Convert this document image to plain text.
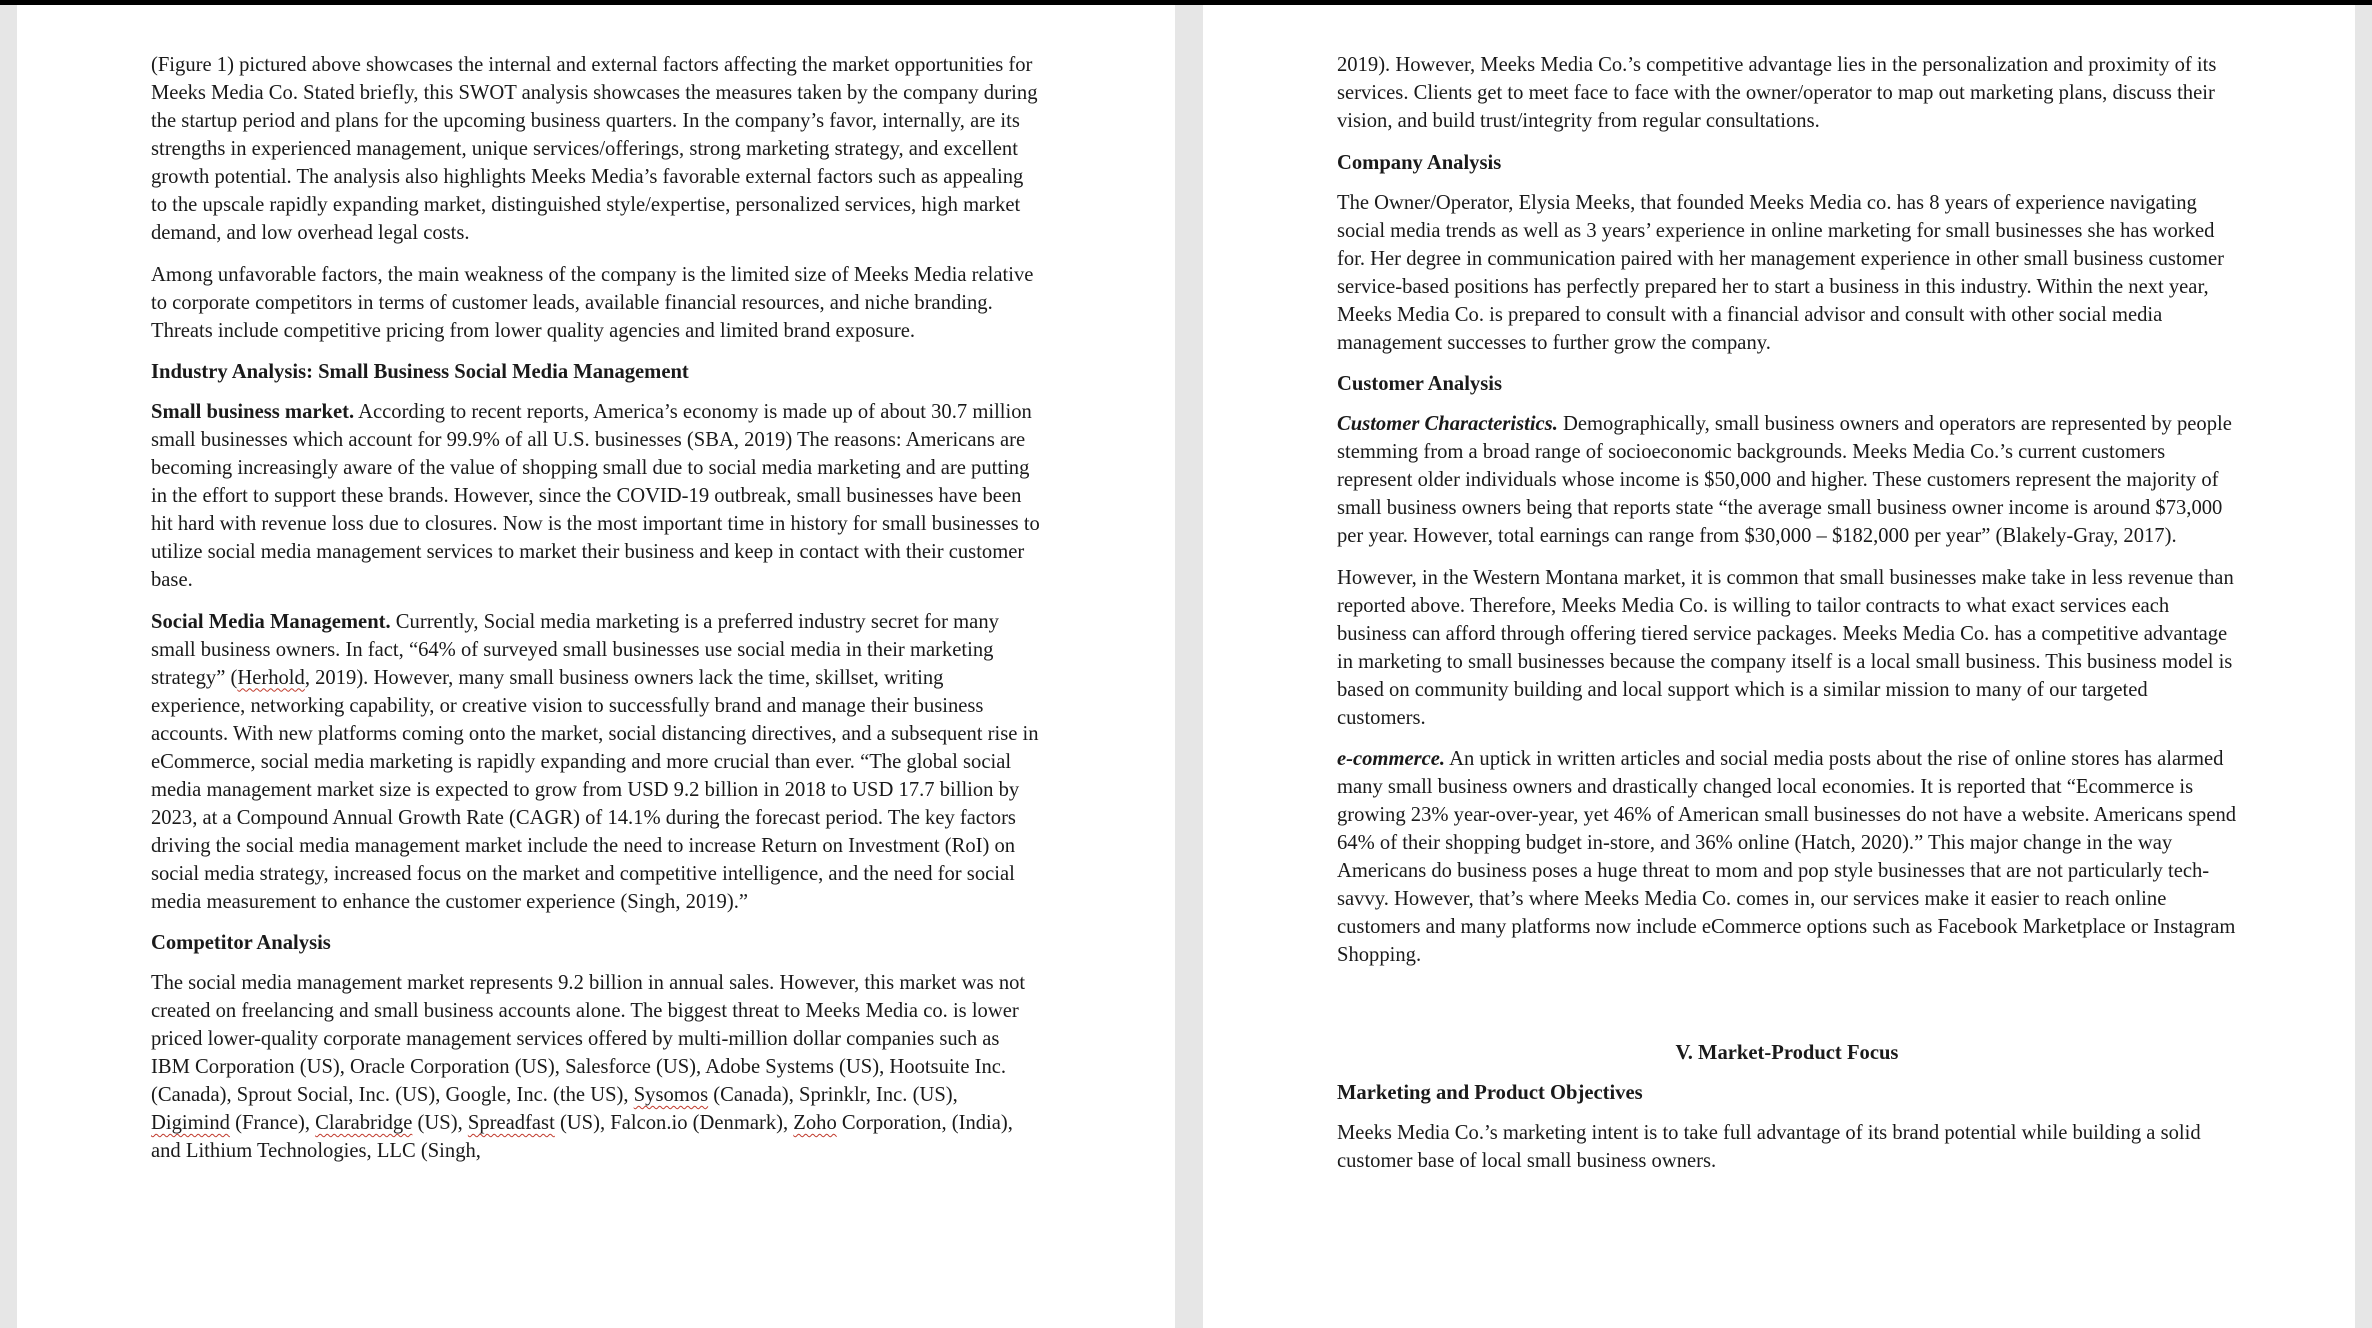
(Figure 1) pictured above showcases the internal and external factors affecting the market opportunities for Meeks Media Co. Stated briefly, this SWOT analysis showcases the measures taken by the company during the startup period and plans for the upcoming business quarters. In the company’s favor, internally, are its strengths in experienced management, unique services/offerings, strong marketing strategy, and excellent growth potential. The analysis also highlights Meeks Media’s favorable external factors such as appealing to the upscale rapidly expanding market, distinguished style/expertise, personalized services, high market demand, and low overhead legal costs.

Among unfavorable factors, the main weakness of the company is the limited size of Meeks Media relative to corporate competitors in terms of customer leads, available financial resources, and niche branding. Threats include competitive pricing from lower quality agencies and limited brand exposure.

Industry Analysis: Small Business Social Media Management

Small business market. According to recent reports, America’s economy is made up of about 30.7 million small businesses which account for 99.9% of all U.S. businesses (SBA, 2019) The reasons: Americans are becoming increasingly aware of the value of shopping small due to social media marketing and are putting in the effort to support these brands. However, since the COVID-19 outbreak, small businesses have been hit hard with revenue loss due to closures. Now is the most important time in history for small businesses to utilize social media management services to market their business and keep in contact with their customer base.

Social Media Management. Currently, Social media marketing is a preferred industry secret for many small business owners. In fact, “64% of surveyed small businesses use social media in their marketing strategy” (Herhold, 2019). However, many small business owners lack the time, skillset, writing experience, networking capability, or creative vision to successfully brand and manage their business accounts. With new platforms coming onto the market, social distancing directives, and a subsequent rise in eCommerce, social media marketing is rapidly expanding and more crucial than ever. “The global social media management market size is expected to grow from USD 9.2 billion in 2018 to USD 17.7 billion by 2023, at a Compound Annual Growth Rate (CAGR) of 14.1% during the forecast period. The key factors driving the social media management market include the need to increase Return on Investment (RoI) on social media strategy, increased focus on the market and competitive intelligence, and the need for social media measurement to enhance the customer experience (Singh, 2019).”

Competitor Analysis

The social media management market represents 9.2 billion in annual sales. However, this market was not created on freelancing and small business accounts alone. The biggest threat to Meeks Media co. is lower priced lower-quality corporate management services offered by multi-million dollar companies such as IBM Corporation (US), Oracle Corporation (US), Salesforce (US), Adobe Systems (US), Hootsuite Inc. (Canada), Sprout Social, Inc. (US), Google, Inc. (the US), Sysomos (Canada), Sprinklr, Inc. (US), Digimind (France), Clarabridge (US), Spreadfast (US), Falcon.io (Denmark), Zoho Corporation, (India), and Lithium Technologies, LLC (Singh,

2019). However, Meeks Media Co.’s competitive advantage lies in the personalization and proximity of its services. Clients get to meet face to face with the owner/operator to map out marketing plans, discuss their vision, and build trust/integrity from regular consultations.

Company Analysis

The Owner/Operator, Elysia Meeks, that founded Meeks Media co. has 8 years of experience navigating social media trends as well as 3 years’ experience in online marketing for small businesses she has worked for. Her degree in communication paired with her management experience in other small business customer service-based positions has perfectly prepared her to start a business in this industry. Within the next year, Meeks Media Co. is prepared to consult with a financial advisor and consult with other social media management successes to further grow the company.

Customer Analysis

Customer Characteristics. Demographically, small business owners and operators are represented by people stemming from a broad range of socioeconomic backgrounds. Meeks Media Co.’s current customers represent older individuals whose income is $50,000 and higher. These customers represent the majority of small business owners being that reports state “the average small business owner income is around $73,000 per year. However, total earnings can range from $30,000 – $182,000 per year” (Blakely-Gray, 2017).

However, in the Western Montana market, it is common that small businesses make take in less revenue than reported above. Therefore, Meeks Media Co. is willing to tailor contracts to what exact services each business can afford through offering tiered service packages. Meeks Media Co. has a competitive advantage in marketing to small businesses because the company itself is a local small business. This business model is based on community building and local support which is a similar mission to many of our targeted customers.

e-commerce. An uptick in written articles and social media posts about the rise of online stores has alarmed many small business owners and drastically changed local economies. It is reported that “Ecommerce is growing 23% year-over-year, yet 46% of American small businesses do not have a website. Americans spend 64% of their shopping budget in-store, and 36% online (Hatch, 2020).” This major change in the way Americans do business poses a huge threat to mom and pop style businesses that are not particularly tech-savvy. However, that’s where Meeks Media Co. comes in, our services make it easier to reach online customers and many platforms now include eCommerce options such as Facebook Marketplace or Instagram Shopping.

V. Market-Product Focus
Marketing and Product Objectives

Meeks Media Co.’s marketing intent is to take full advantage of its brand potential while building a solid customer base of local small business owners.
